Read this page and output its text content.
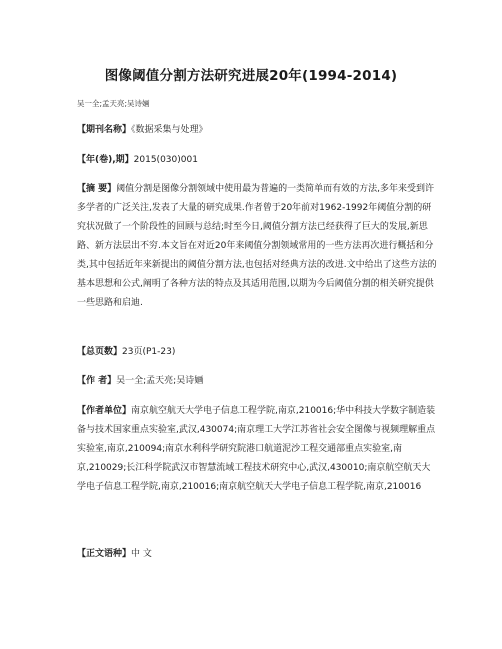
图像阈值分割方法研究进展20年(1994-2014)
吴一全;孟天亮;吴诗婳
【期刊名称】《数据采集与处理》
【年(卷),期】2015(030)001
【摘 要】阈值分割是图像分割领域中使用最为普遍的一类简单而有效的方法,多年来受到许多学者的广泛关注,发表了大量的研究成果.作者曾于20年前对1962-1992年阈值分割的研究状况做了一个阶段性的回顾与总结;时至今日,阈值分割方法已经获得了巨大的发展,新思路、新方法层出不穷.本文旨在对近20年来阈值分割领域常用的一些方法再次进行概括和分类,其中包括近年来新提出的阈值分割方法,也包括对经典方法的改进.文中给出了这些方法的基本思想和公式,阐明了各种方法的特点及其适用范围,以期为今后阈值分割的相关研究提供一些思路和启迪.
【总页数】23页(P1-23)
【作 者】吴一全;孟天亮;吴诗婳
【作者单位】南京航空航天大学电子信息工程学院,南京,210016;华中科技大学数字制造装备与技术国家重点实验室,武汉,430074;南京理工大学江苏省社会安全图像与视频理解重点实验室,南京,210094;南京水利科学研究院港口航道泥沙工程交通部重点实验室,南京,210029;长江科学院武汉市智慧流域工程技术研究中心,武汉,430010;南京航空航天大学电子信息工程学院,南京,210016;南京航空航天大学电子信息工程学院,南京,210016
【正文语种】中 文
